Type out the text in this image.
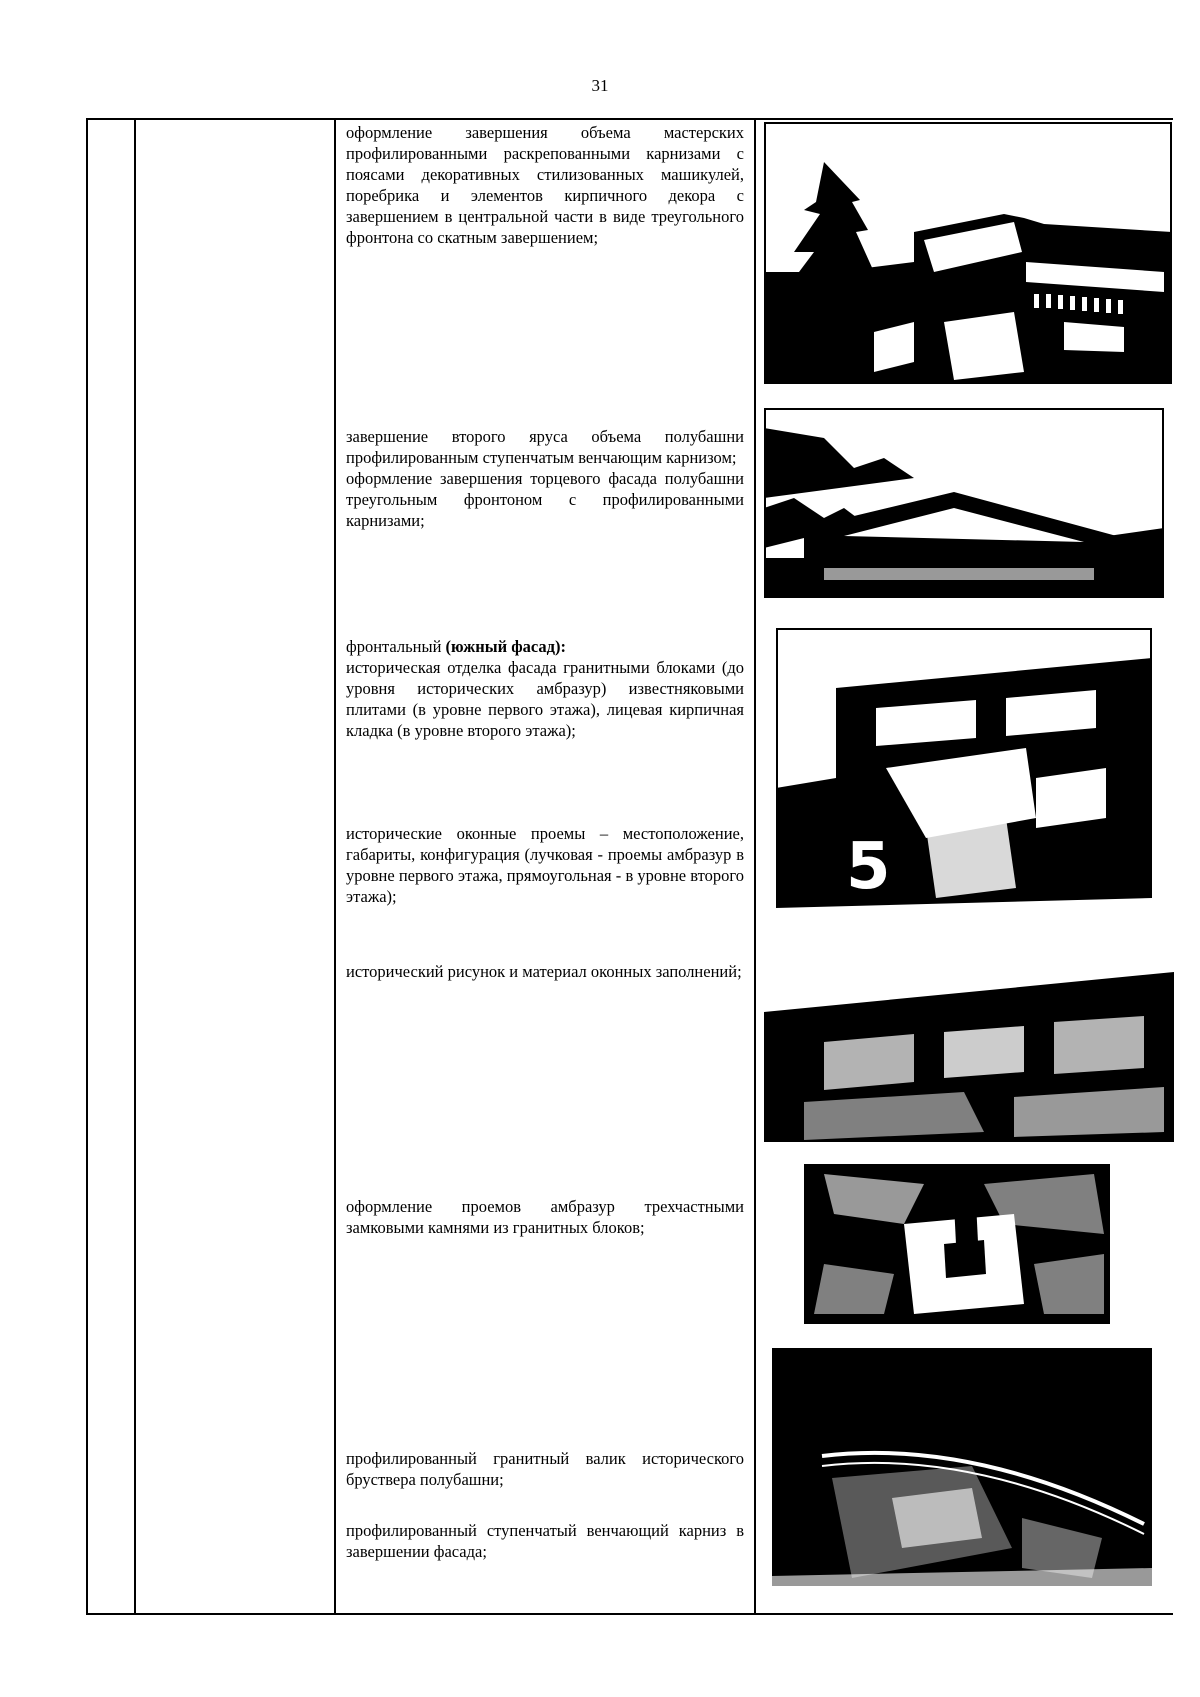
31

оформление завершения объема мастерских профилированными раскрепованными карнизами с поясами декоративных стилизованных машикулей, поребрика и элементов кирпичного декора с завершением в центральной части в виде треугольного фронтона со скатным завершением;

завершение второго яруса объема полубашни профилированным ступенчатым венчающим карнизом;

оформление завершения торцевого фасада полубашни треугольным фронтоном с профилированными карнизами;

фронтальный (южный фасад):

историческая отделка фасада гранитными блоками (до уровня исторических амбразур) известняковыми плитами (в уровне первого этажа), лицевая кирпичная кладка (в уровне второго этажа);

исторические оконные проемы – местоположение, габариты, конфигурация (лучковая - проемы амбразур в уровне первого этажа, прямоугольная - в уровне второго этажа);

исторический рисунок и материал оконных заполнений;

оформление проемов амбразур трехчастными замковыми камнями из гранитных блоков;

профилированный гранитный валик исторического бруствера полубашни;

профилированный ступенчатый венчающий карниз в завершении фасада;

5
